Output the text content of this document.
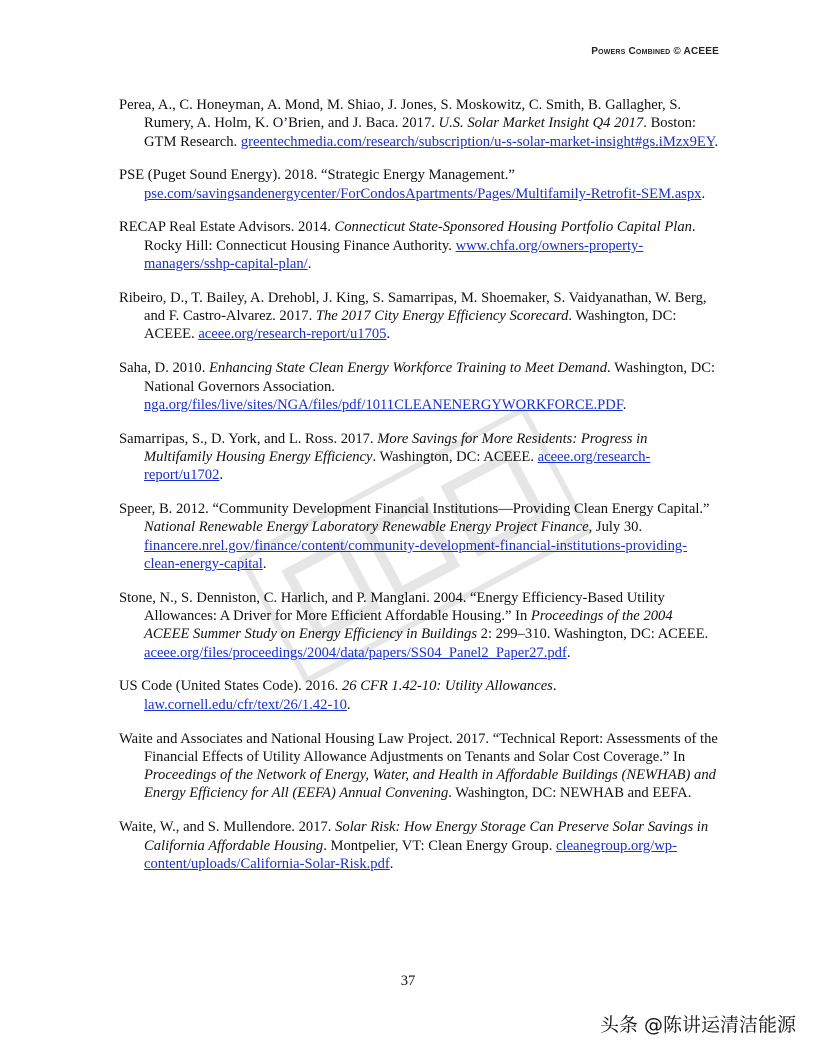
Powers Combined © ACEEE

Perea, A., C. Honeyman, A. Mond, M. Shiao, J. Jones, S. Moskowitz, C. Smith, B. Gallagher, S. Rumery, A. Holm, K. O’Brien, and J. Baca. 2017. U.S. Solar Market Insight Q4 2017. Boston: GTM Research. greentechmedia.com/research/subscription/u-s-solar-market-insight#gs.iMzx9EY.

PSE (Puget Sound Energy). 2018. “Strategic Energy Management.” pse.com/savingsandenergycenter/ForCondosApartments/Pages/Multifamily-Retrofit-SEM.aspx.

RECAP Real Estate Advisors. 2014. Connecticut State-Sponsored Housing Portfolio Capital Plan. Rocky Hill: Connecticut Housing Finance Authority. www.chfa.org/owners-property-managers/sshp-capital-plan/.

Ribeiro, D., T. Bailey, A. Drehobl, J. King, S. Samarripas, M. Shoemaker, S. Vaidyanathan, W. Berg, and F. Castro-Alvarez. 2017. The 2017 City Energy Efficiency Scorecard. Washington, DC: ACEEE. aceee.org/research-report/u1705.

Saha, D. 2010. Enhancing State Clean Energy Workforce Training to Meet Demand. Washington, DC: National Governors Association. nga.org/files/live/sites/NGA/files/pdf/1011CLEANENERGYWORKFORCE.PDF.

Samarripas, S., D. York, and L. Ross. 2017. More Savings for More Residents: Progress in Multifamily Housing Energy Efficiency. Washington, DC: ACEEE. aceee.org/research-report/u1702.

Speer, B. 2012. “Community Development Financial Institutions—Providing Clean Energy Capital.” National Renewable Energy Laboratory Renewable Energy Project Finance, July 30. financere.nrel.gov/finance/content/community-development-financial-institutions-providing-clean-energy-capital.

Stone, N., S. Denniston, C. Harlich, and P. Manglani. 2004. “Energy Efficiency-Based Utility Allowances: A Driver for More Efficient Affordable Housing.” In Proceedings of the 2004 ACEEE Summer Study on Energy Efficiency in Buildings 2: 299–310. Washington, DC: ACEEE. aceee.org/files/proceedings/2004/data/papers/SS04_Panel2_Paper27.pdf.

US Code (United States Code). 2016. 26 CFR 1.42-10: Utility Allowances. law.cornell.edu/cfr/text/26/1.42-10.

Waite and Associates and National Housing Law Project. 2017. “Technical Report: Assessments of the Financial Effects of Utility Allowance Adjustments on Tenants and Solar Cost Coverage.” In Proceedings of the Network of Energy, Water, and Health in Affordable Buildings (NEWHAB) and Energy Efficiency for All (EEFA) Annual Convening. Washington, DC: NEWHAB and EEFA.

Waite, W., and S. Mullendore. 2017. Solar Risk: How Energy Storage Can Preserve Solar Savings in California Affordable Housing. Montpelier, VT: Clean Energy Group. cleanegroup.org/wp-content/uploads/California-Solar-Risk.pdf.

37
头条 @陈讲运清洁能源
